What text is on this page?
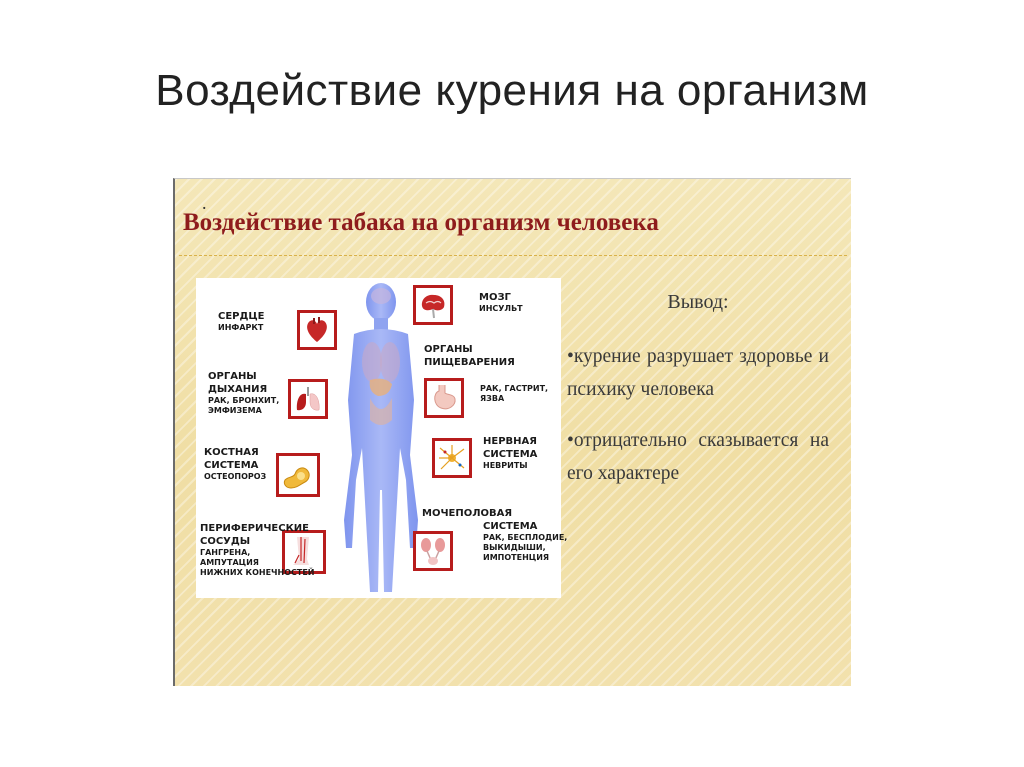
Воздействие курения на организм
.
Воздействие табака на организм человека
СЕРДЦЕ
ИНФАРКТ
ОРГАНЫ
ДЫХАНИЯ
РАК, БРОНХИТ,
ЭМФИЗЕМА
КОСТНАЯ
СИСТЕМА
ОСТЕОПОРОЗ
ПЕРИФЕРИЧЕСКИЕ
СОСУДЫ
ГАНГРЕНА,
АМПУТАЦИЯ
НИЖНИХ КОНЕЧНОСТЕЙ
МОЗГ
ИНСУЛЬТ
ОРГАНЫ
ПИЩЕВАРЕНИЯ
РАК, ГАСТРИТ,
ЯЗВА
НЕРВНАЯ
СИСТЕМА
НЕВРИТЫ
МОЧЕПОЛОВАЯ
СИСТЕМА
РАК, БЕСПЛОДИЕ,
ВЫКИДЫШИ,
ИМПОТЕНЦИЯ
Вывод:
•курение разрушает здоровье и психику человека
•отрицательно сказывается на его характере
